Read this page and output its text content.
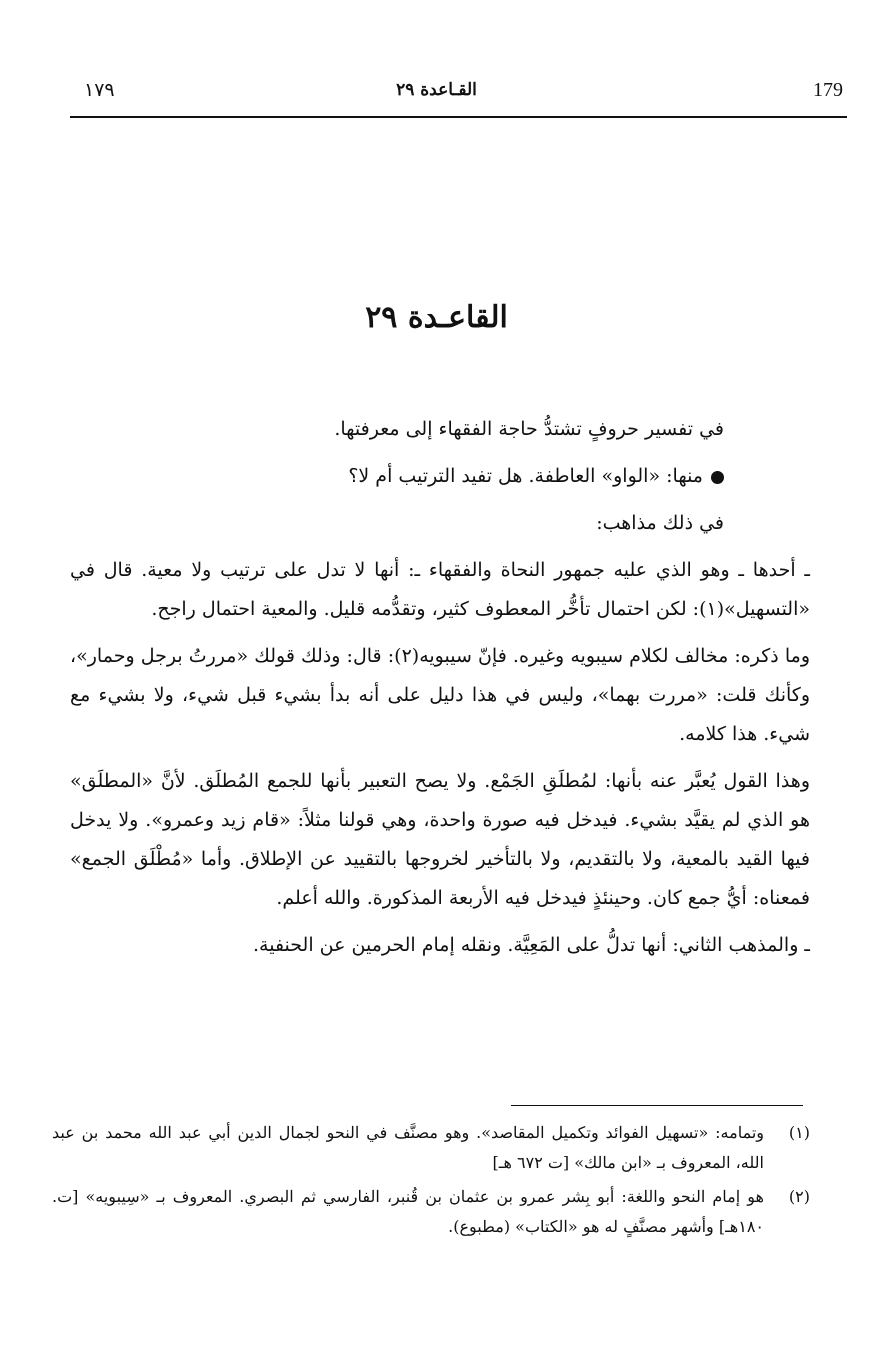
١٧٩	القـاعدة ٢٩	179
القاعـدة ٢٩

في تفسير حروفٍ تشتدُّ حاجة الفقهاء إلى معرفتها.

منها: «الواو» العاطفة. هل تفيد الترتيب أم لا؟

في ذلك مذاهب:

ـ أحدها ـ وهو الذي عليه جمهور النحاة والفقهاء ـ: أنها لا تدل على ترتيب ولا معية. قال في «التسهيل»(١): لكن احتمال تأخُّر المعطوف كثير، وتقدُّمه قليل. والمعية احتمال راجح.

وما ذكره: مخالف لكلام سيبويه وغيره. فإنّ سيبويه(٢): قال: وذلك قولك «مررتُ برجل وحمار»، وكأنك قلت: «مررت بهما»، وليس في هذا دليل على أنه بدأ بشيء قبل شيء، ولا بشيء مع شيء. هذا كلامه.

وهذا القول يُعبَّر عنه بأنها: لمُطلَقِ الجَمْع. ولا يصح التعبير بأنها للجمع المُطلَق. لأنَّ «المطلَق» هو الذي لم يقيَّد بشيء. فيدخل فيه صورة واحدة، وهي قولنا مثلاً: «قام زيد وعمرو». ولا يدخل فيها القيد بالمعية، ولا بالتقديم، ولا بالتأخير لخروجها بالتقييد عن الإطلاق. وأما «مُطْلَق الجمع» فمعناه: أيُّ جمع كان. وحينئذٍ فيدخل فيه الأربعة المذكورة. والله أعلم.

ـ والمذهب الثاني: أنها تدلُّ على المَعِيَّة. ونقله إمام الحرمين عن الحنفية.

(١)
وتمامه: «تسهيل الفوائد وتكميل المقاصد». وهو مصنَّف في النحو لجمال الدين أبي عبد الله محمد بن عبد الله، المعروف بـ «ابن مالك» [ت ٦٧٢ هـ]
(٢)
هو إمام النحو واللغة: أبو بِشر عمرو بن عثمان بن قُنبر، الفارسي ثم البصري. المعروف بـ «سِيبويه» [ت. ١٨٠هـ] وأشهر مصنَّفٍ له هو «الكتاب» (مطبوع).
